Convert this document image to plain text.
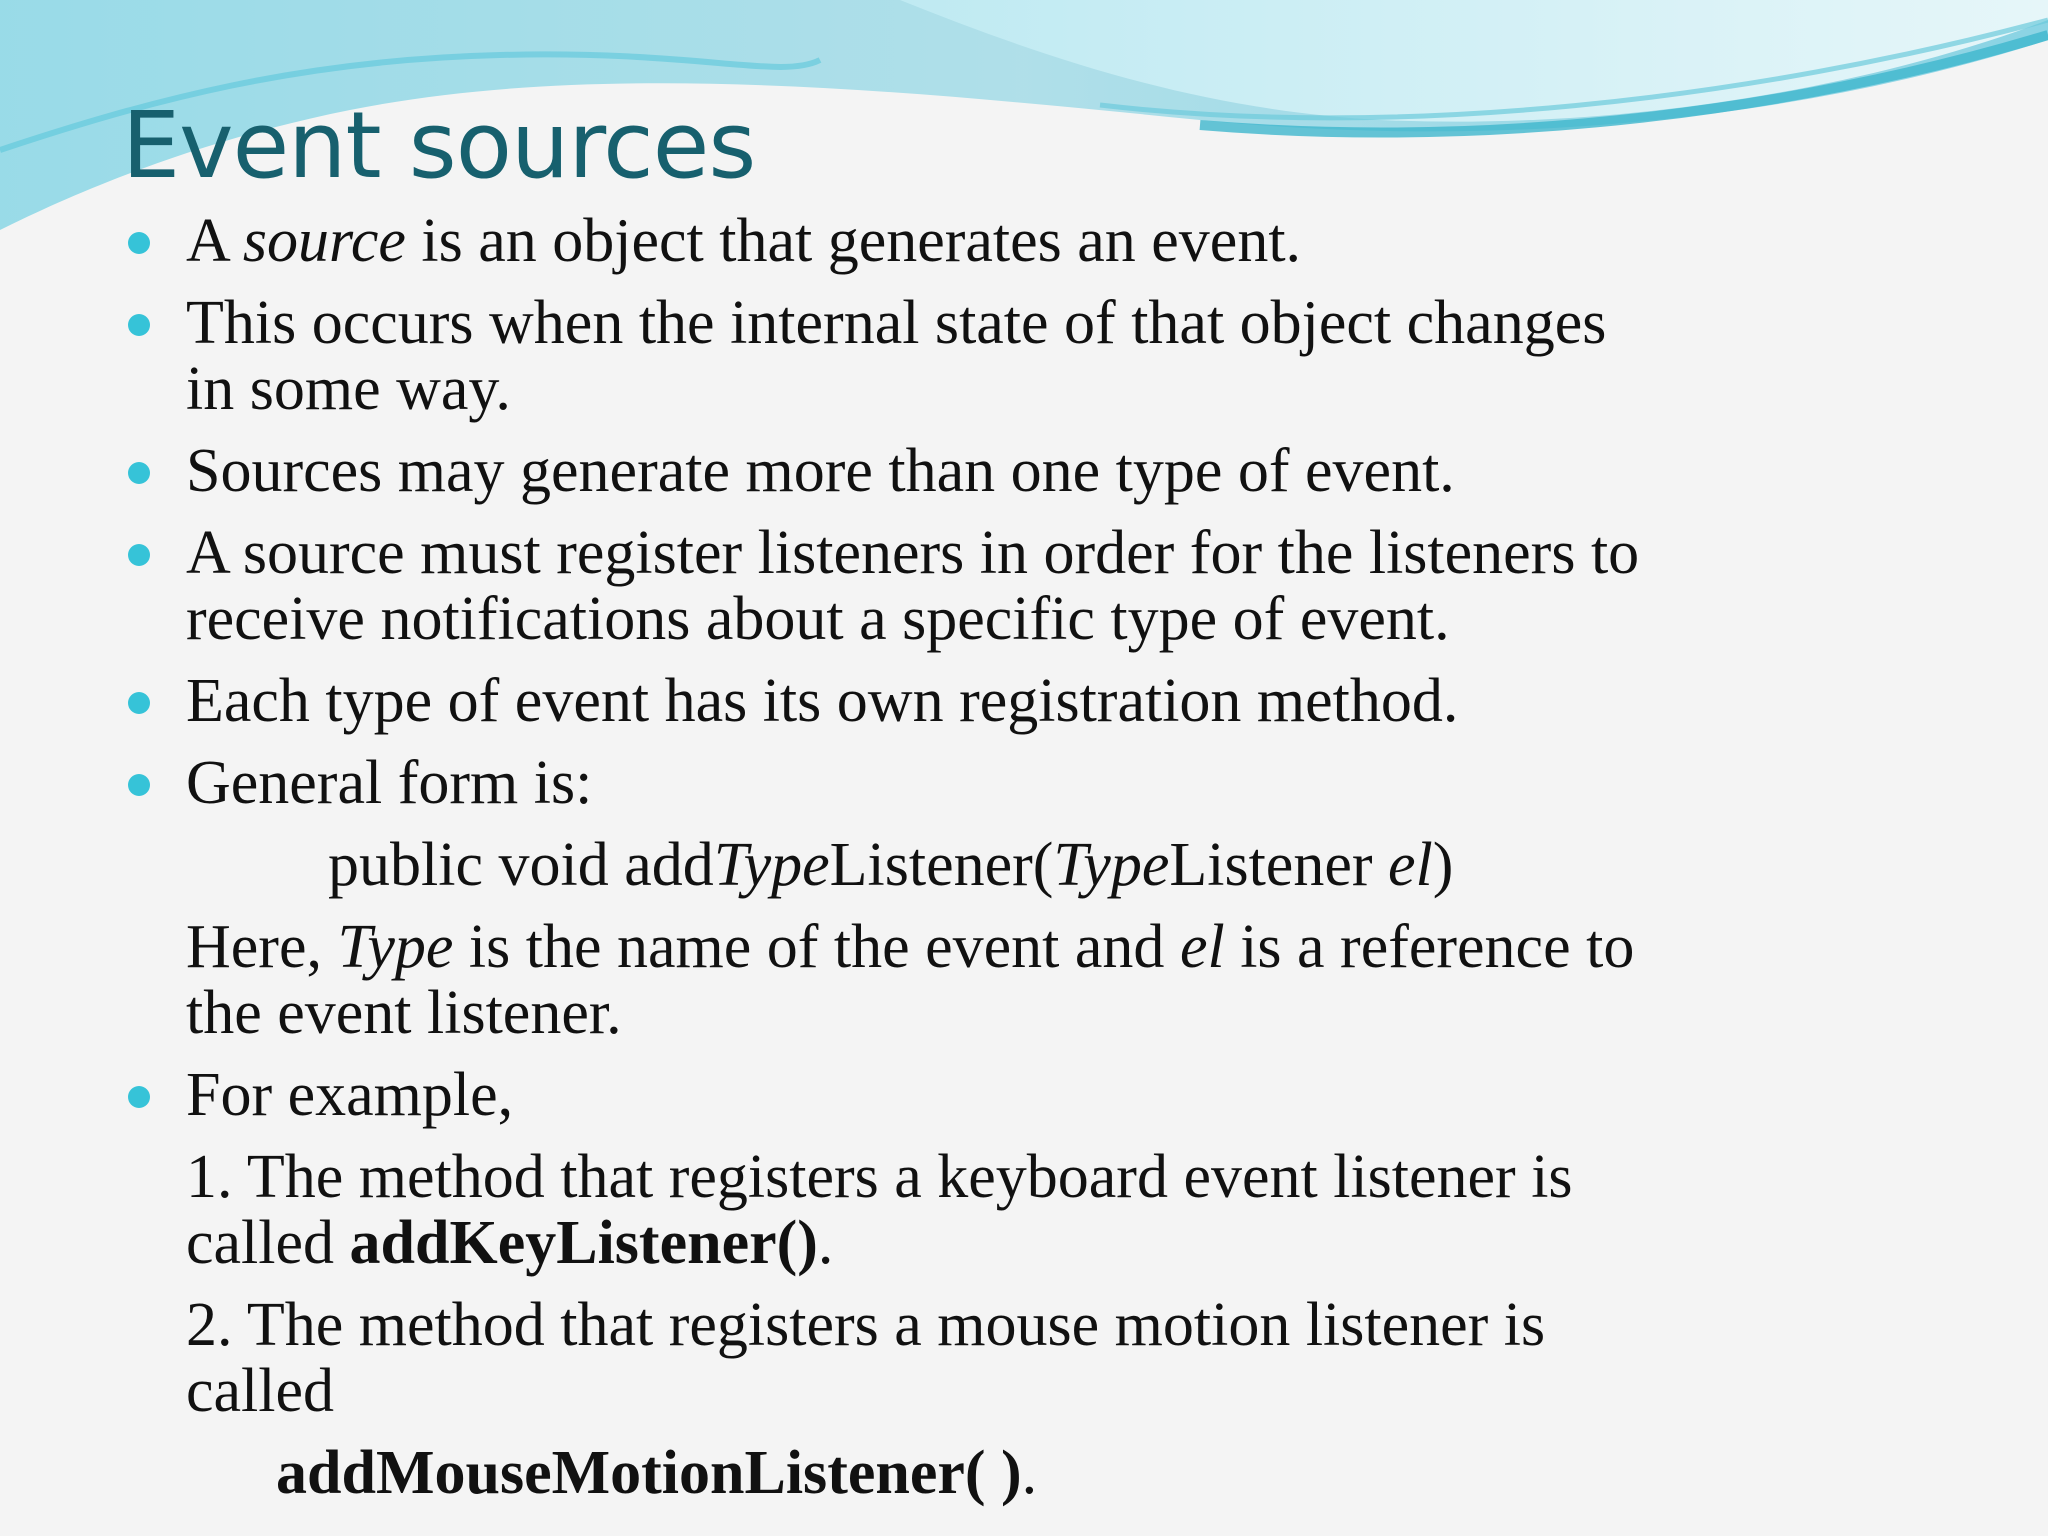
Event sources
A source is an object that generates an event.
This occurs when the internal state of that object changes
in some way.
Sources may generate more than one type of event.
A source must register listeners in order for the listeners to
receive notifications about a specific type of event.
Each type of event has its own registration method.
General form is:
public void addTypeListener(TypeListener el)
Here, Type is the name of the event and el is a reference to
the event listener.
For example,
1. The method that registers a keyboard event listener is
called addKeyListener().
2. The method that registers a mouse motion listener is
called
addMouseMotionListener( ).
